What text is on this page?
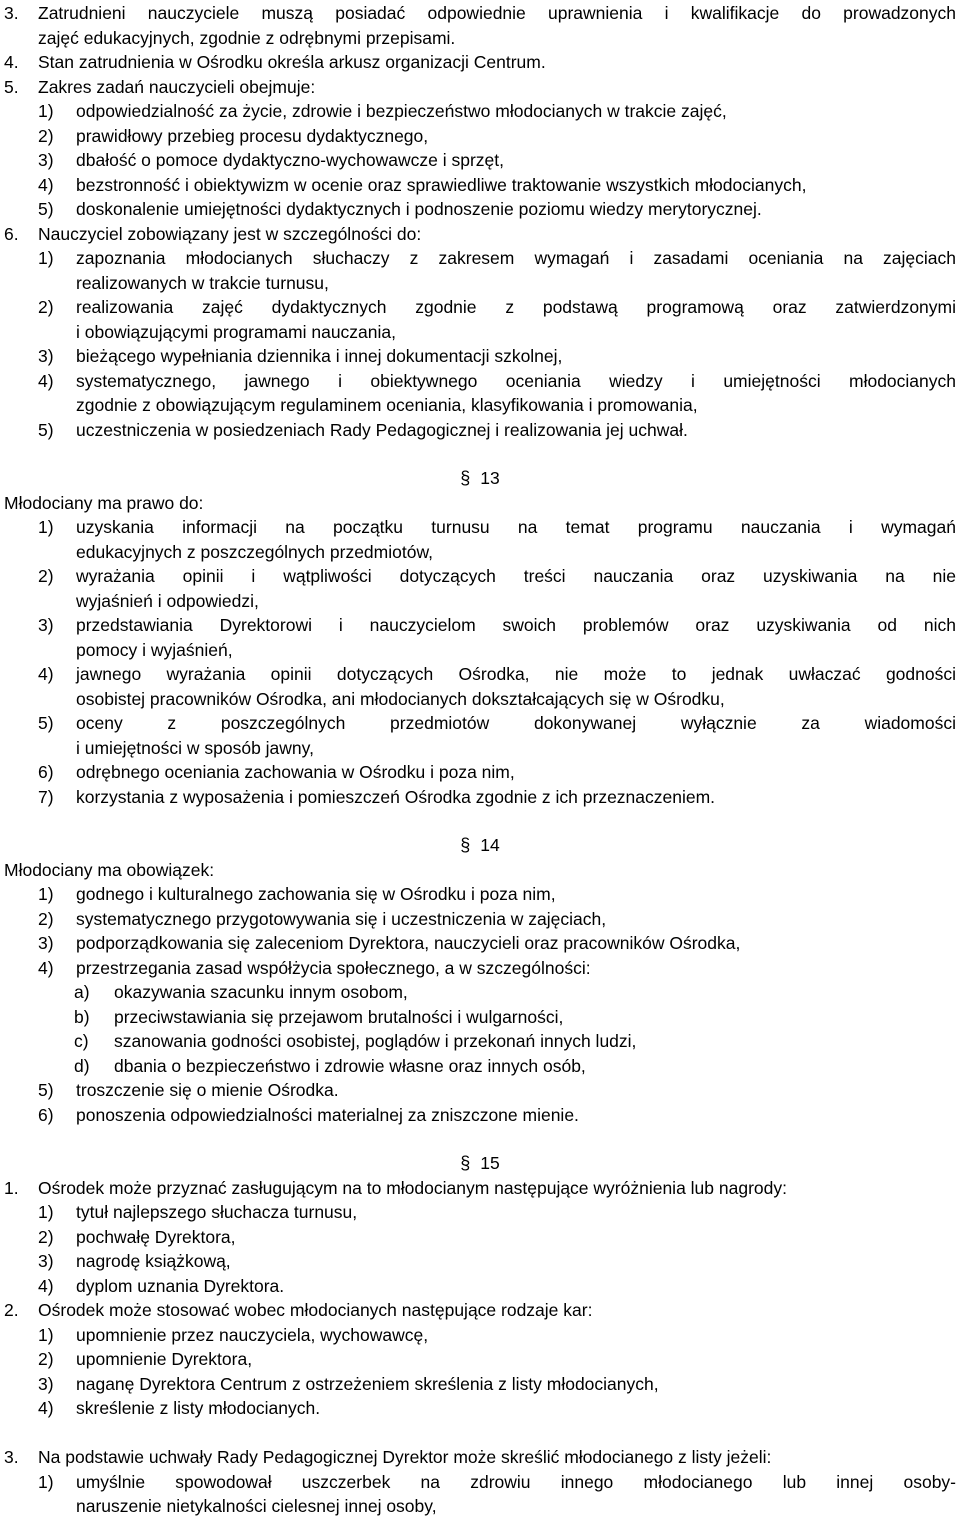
3. Zatrudnieni nauczyciele muszą posiadać odpowiednie uprawnienia i kwalifikacje do prowadzonych
zajęć edukacyjnych, zgodnie z odrębnymi przepisami.
4. Stan zatrudnienia w Ośrodku określa arkusz organizacji Centrum.
5. Zakres zadań nauczycieli obejmuje:
1) odpowiedzialność za życie, zdrowie i bezpieczeństwo młodocianych w trakcie zajęć,
2) prawidłowy przebieg procesu dydaktycznego,
3) dbałość o pomoce dydaktyczno-wychowawcze i sprzęt,
4) bezstronność i obiektywizm w ocenie oraz sprawiedliwe traktowanie wszystkich młodocianych,
5) doskonalenie umiejętności dydaktycznych i podnoszenie poziomu wiedzy merytorycznej.
6. Nauczyciel zobowiązany jest w szczególności do:
1) zapoznania młodocianych słuchaczy z zakresem wymagań i zasadami oceniania na zajęciach
realizowanych w trakcie turnusu,
2) realizowania zajęć dydaktycznych zgodnie z podstawą programową oraz zatwierdzonymi
i obowiązującymi programami nauczania,
3) bieżącego wypełniania dziennika i innej dokumentacji szkolnej,
4) systematycznego, jawnego i obiektywnego oceniania wiedzy i umiejętności młodocianych
zgodnie z obowiązującym regulaminem oceniania, klasyfikowania i promowania,
5) uczestniczenia w posiedzeniach Rady Pedagogicznej i realizowania jej uchwał.
§ 13
Młodociany ma prawo do:
1) uzyskania informacji na początku turnusu na temat programu nauczania i wymagań
edukacyjnych z poszczególnych przedmiotów,
2) wyrażania opinii i wątpliwości dotyczących treści nauczania oraz uzyskiwania na nie
wyjaśnień i odpowiedzi,
3) przedstawiania Dyrektorowi i nauczycielom swoich problemów oraz uzyskiwania od nich
pomocy i wyjaśnień,
4) jawnego wyrażania opinii dotyczących Ośrodka, nie może to jednak uwłaczać godności
osobistej pracowników Ośrodka, ani młodocianych dokształcających się w Ośrodku,
5) oceny z poszczególnych przedmiotów dokonywanej wyłącznie za wiadomości
i umiejętności w sposób jawny,
6) odrębnego oceniania zachowania w Ośrodku i poza nim,
7) korzystania z wyposażenia i pomieszczeń Ośrodka zgodnie z ich przeznaczeniem.
§ 14
Młodociany ma obowiązek:
1) godnego i kulturalnego zachowania się w Ośrodku i poza nim,
2) systematycznego przygotowywania się i uczestniczenia w zajęciach,
3) podporządkowania się zaleceniom Dyrektora, nauczycieli oraz pracowników Ośrodka,
4) przestrzegania zasad współżycia społecznego, a w szczególności:
a) okazywania szacunku innym osobom,
b) przeciwstawiania się przejawom brutalności i wulgarności,
c) szanowania godności osobistej, poglądów i przekonań innych ludzi,
d) dbania o bezpieczeństwo i zdrowie własne oraz innych osób,
5) troszczenie się o mienie Ośrodka.
6) ponoszenia odpowiedzialności materialnej za zniszczone mienie.
§ 15
1. Ośrodek może przyznać zasługującym na to młodocianym następujące wyróżnienia lub nagrody:
1) tytuł najlepszego słuchacza turnusu,
2) pochwałę Dyrektora,
3) nagrodę książkową,
4) dyplom uznania Dyrektora.
2. Ośrodek może stosować wobec młodocianych następujące rodzaje kar:
1) upomnienie przez nauczyciela, wychowawcę,
2) upomnienie Dyrektora,
3) naganę Dyrektora Centrum z ostrzeżeniem skreślenia z listy młodocianych,
4) skreślenie z listy młodocianych.
3. Na podstawie uchwały Rady Pedagogicznej Dyrektor może skreślić młodocianego z listy jeżeli:
1) umyślnie spowodował uszczerbek na zdrowiu innego młodocianego lub innej osoby-
naruszenie nietykalności cielesnej innej osoby,
